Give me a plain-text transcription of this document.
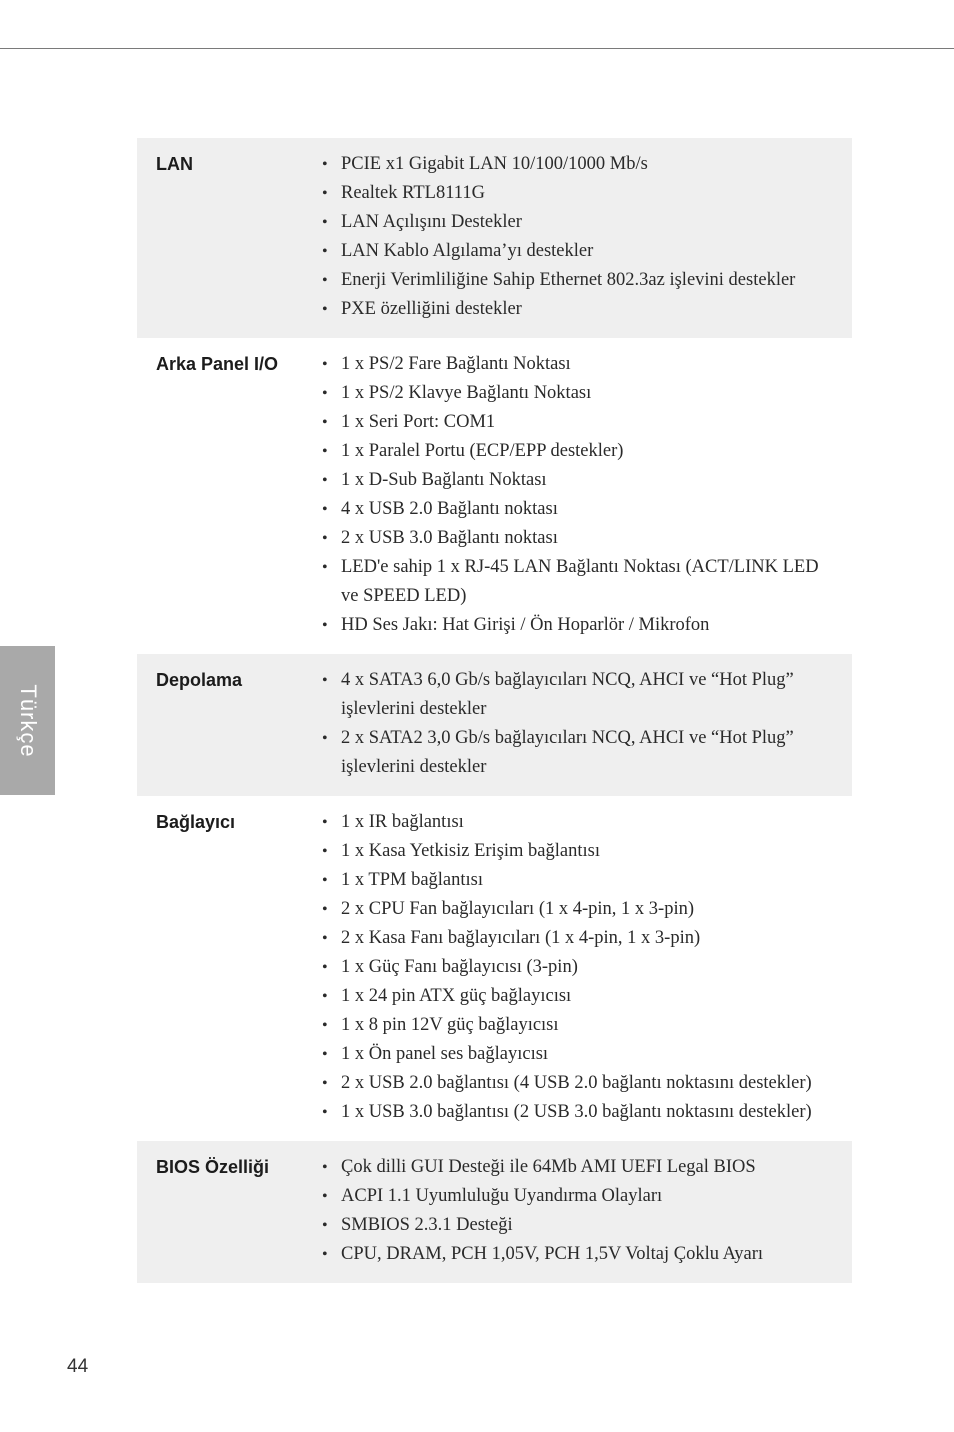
Türkçe
LAN	• PCIE x1 Gigabit LAN 10/100/1000 Mb/s
• Realtek RTL8111G
• LAN Açılışını Destekler
• LAN Kablo Algılama’yı destekler
• Enerji Verimliliğine Sahip Ethernet 802.3az işlevini destekler
• PXE özelliğini destekler
Arka Panel I/O	• 1 x PS/2 Fare Bağlantı Noktası
• 1 x PS/2 Klavye Bağlantı Noktası
• 1 x Seri Port: COM1
• 1 x Paralel Portu (ECP/EPP destekler)
• 1 x D-Sub Bağlantı Noktası
• 4 x USB 2.0 Bağlantı noktası
• 2 x USB 3.0 Bağlantı noktası
• LED'e sahip 1 x RJ-45 LAN Bağlantı Noktası (ACT/LINK LED ve SPEED LED)
• HD Ses Jakı: Hat Girişi / Ön Hoparlör / Mikrofon
Depolama	• 4 x SATA3 6,0 Gb/s bağlayıcıları NCQ, AHCI ve “Hot Plug” işlevlerini destekler
• 2 x SATA2 3,0 Gb/s bağlayıcıları NCQ, AHCI ve “Hot Plug” işlevlerini destekler
Bağlayıcı	• 1 x IR bağlantısı
• 1 x Kasa Yetkisiz Erişim bağlantısı
• 1 x TPM bağlantısı
• 2 x CPU Fan bağlayıcıları (1 x 4-pin, 1 x 3-pin)
• 2 x Kasa Fanı bağlayıcıları (1 x 4-pin, 1 x 3-pin)
• 1 x Güç Fanı bağlayıcısı (3-pin)
• 1 x 24 pin ATX güç bağlayıcısı
• 1 x 8 pin 12V güç bağlayıcısı
• 1 x Ön panel ses bağlayıcısı
• 2 x USB 2.0 bağlantısı (4 USB 2.0 bağlantı noktasını destekler)
• 1 x USB 3.0 bağlantısı (2 USB 3.0 bağlantı noktasını destekler)
BIOS Özelliği	• Çok dilli GUI Desteği ile 64Mb AMI UEFI Legal BIOS
• ACPI 1.1 Uyumluluğu Uyandırma Olayları
• SMBIOS 2.3.1 Desteği
• CPU, DRAM, PCH 1,05V, PCH 1,5V Voltaj Çoklu Ayarı
44
